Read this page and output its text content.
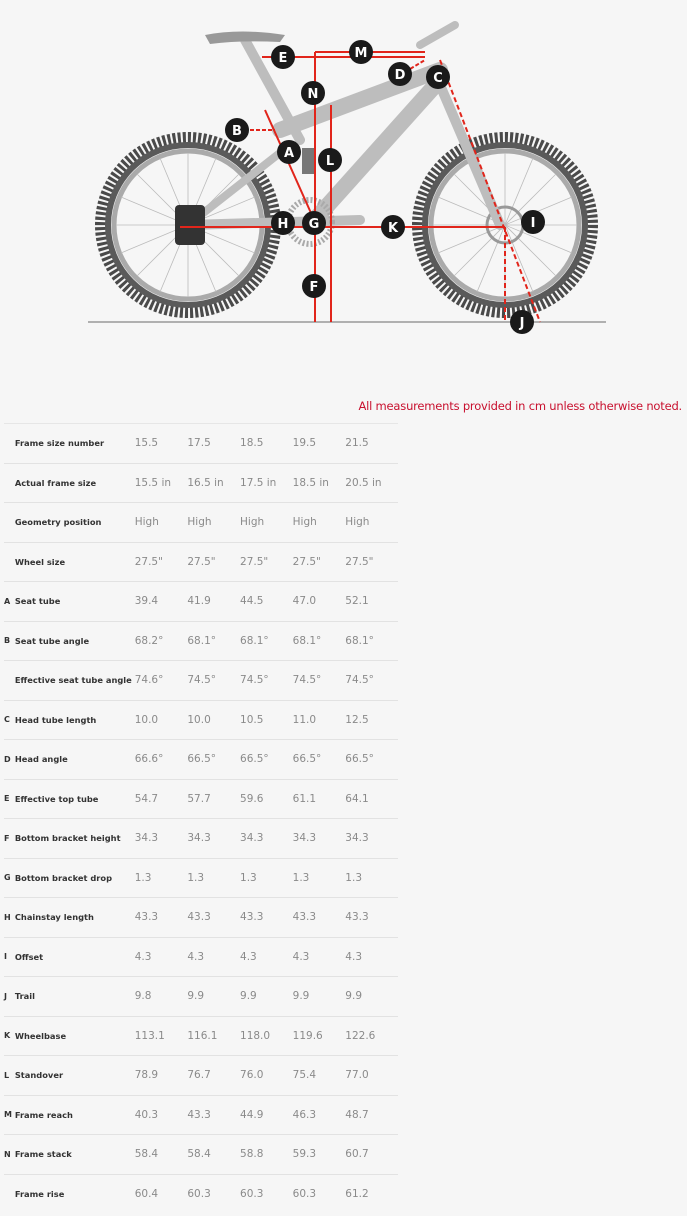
A
B
C
D
E
F
G
H	I
J
K
L
M
N
All measurements provided in cm unless otherwise noted.
	Frame size number	15.5	17.5	18.5	19.5	21.5
	Actual frame size	15.5 in	16.5 in	17.5 in	18.5 in	20.5 in
	Geometry position	High	High	High	High	High
	Wheel size	27.5"	27.5"	27.5"	27.5"	27.5"
A	Seat tube	39.4	41.9	44.5	47.0	52.1
B	Seat tube angle	68.2°	68.1°	68.1°	68.1°	68.1°
	Effective seat tube angle	74.6°	74.5°	74.5°	74.5°	74.5°
C	Head tube length	10.0	10.0	10.5	11.0	12.5
D	Head angle	66.6°	66.5°	66.5°	66.5°	66.5°
E	Effective top tube	54.7	57.7	59.6	61.1	64.1
F	Bottom bracket height	34.3	34.3	34.3	34.3	34.3
G	Bottom bracket drop	1.3	1.3	1.3	1.3	1.3
H	Chainstay length	43.3	43.3	43.3	43.3	43.3
I	Offset	4.3	4.3	4.3	4.3	4.3
J	Trail	9.8	9.9	9.9	9.9	9.9
K	Wheelbase	113.1	116.1	118.0	119.6	122.6
L	Standover	78.9	76.7	76.0	75.4	77.0
M	Frame reach	40.3	43.3	44.9	46.3	48.7
N	Frame stack	58.4	58.4	58.8	59.3	60.7
	Frame rise	60.4	60.3	60.3	60.3	61.2
